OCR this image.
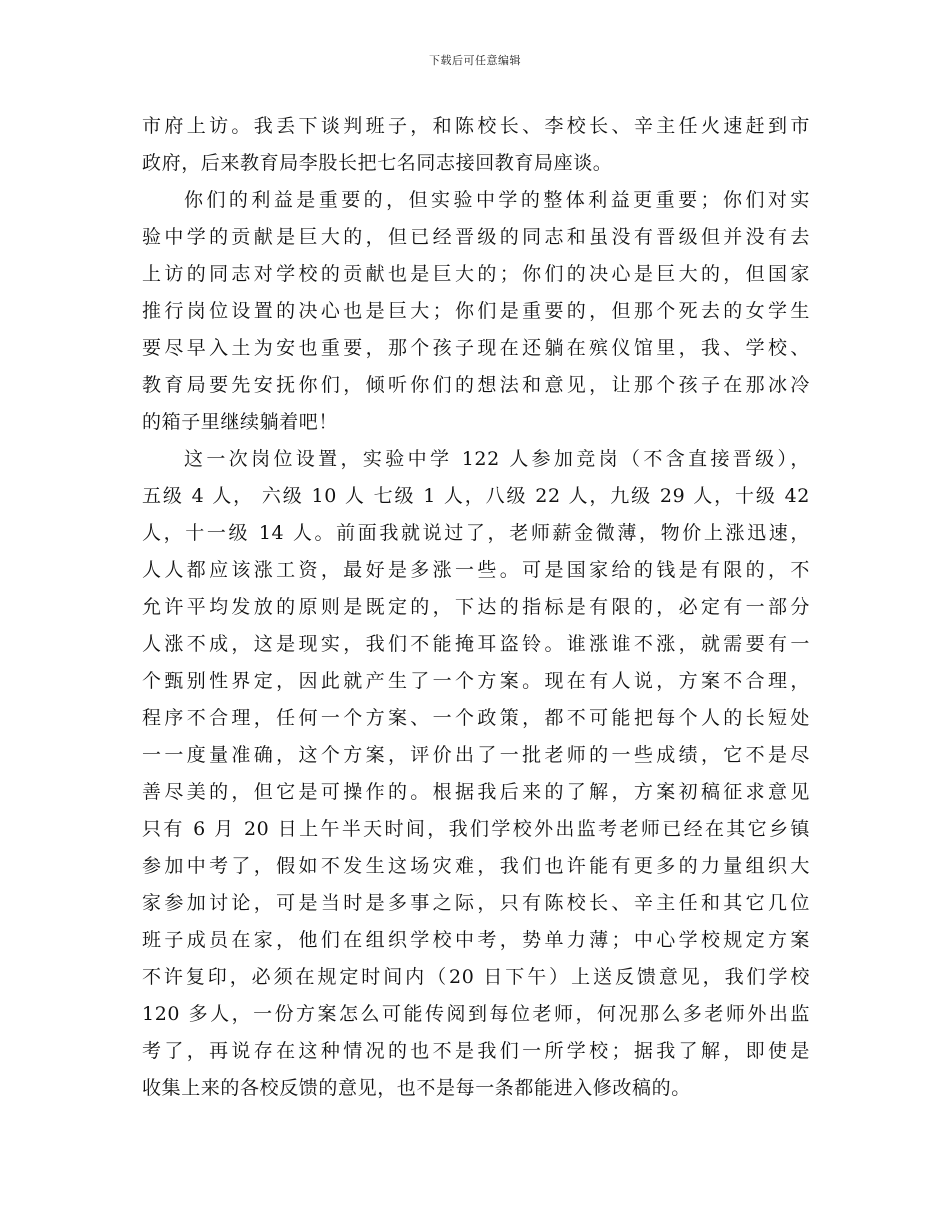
下载后可任意编辑
市府上访。我丢下谈判班子，和陈校长、李校长、辛主任火速赶到市
政府，后来教育局李股长把七名同志接回教育局座谈。
你们的利益是重要的，但实验中学的整体利益更重要；你们对实
验中学的贡献是巨大的，但已经晋级的同志和虽没有晋级但并没有去
上访的同志对学校的贡献也是巨大的；你们的决心是巨大的，但国家
推行岗位设置的决心也是巨大；你们是重要的，但那个死去的女学生
要尽早入土为安也重要，那个孩子现在还躺在殡仪馆里，我、学校、
教育局要先安抚你们，倾听你们的想法和意见，让那个孩子在那冰冷
的箱子里继续躺着吧！
这一次岗位设置，实验中学 122 人参加竞岗（不含直接晋级），
五级 4 人， 六级 10 人 七级 1 人，八级 22 人，九级 29 人，十级 42
人，十一级 14 人。前面我就说过了，老师薪金微薄，物价上涨迅速，
人人都应该涨工资，最好是多涨一些。可是国家给的钱是有限的，不
允许平均发放的原则是既定的，下达的指标是有限的，必定有一部分
人涨不成，这是现实，我们不能掩耳盗铃。谁涨谁不涨，就需要有一
个甄别性界定，因此就产生了一个方案。现在有人说，方案不合理，
程序不合理，任何一个方案、一个政策，都不可能把每个人的长短处
一一度量准确，这个方案，评价出了一批老师的一些成绩，它不是尽
善尽美的，但它是可操作的。根据我后来的了解，方案初稿征求意见
只有 6 月 20 日上午半天时间，我们学校外出监考老师已经在其它乡镇
参加中考了，假如不发生这场灾难，我们也许能有更多的力量组织大
家参加讨论，可是当时是多事之际，只有陈校长、辛主任和其它几位
班子成员在家，他们在组织学校中考，势单力薄；中心学校规定方案
不许复印，必须在规定时间内（20 日下午）上送反馈意见，我们学校
120 多人，一份方案怎么可能传阅到每位老师，何况那么多老师外出监
考了，再说存在这种情况的也不是我们一所学校；据我了解，即使是
收集上来的各校反馈的意见，也不是每一条都能进入修改稿的。
